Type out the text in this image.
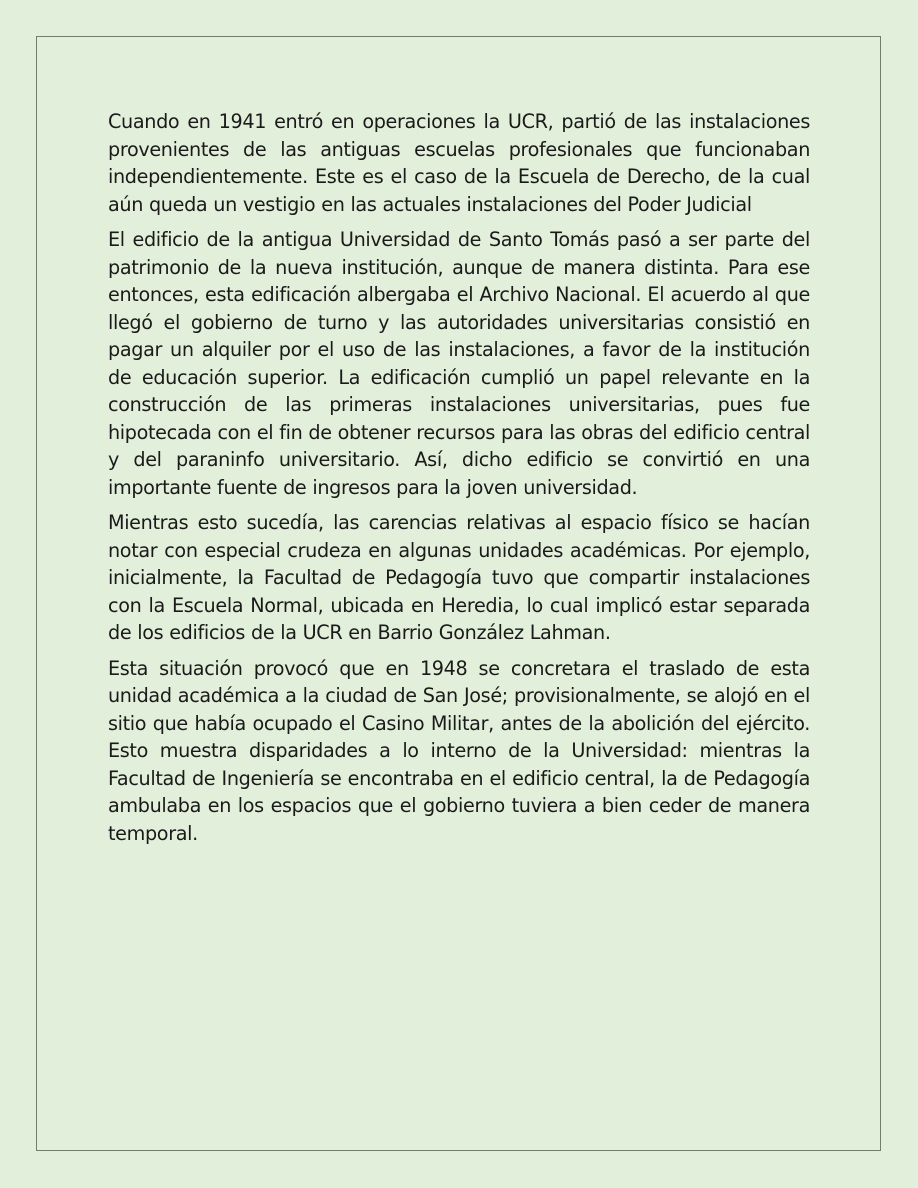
Cuando en 1941 entró en operaciones la UCR, partió de las instalaciones provenientes de las antiguas escuelas profesionales que funcionaban independientemente. Este es el caso de la Escuela de Derecho, de la cual aún queda un vestigio en las actuales instalaciones del Poder Judicial

El edificio de la antigua Universidad de Santo Tomás pasó a ser parte del patrimonio de la nueva institución, aunque de manera distinta. Para ese entonces, esta edificación albergaba el Archivo Nacional. El acuerdo al que llegó el gobierno de turno y las autoridades universitarias consistió en pagar un alquiler por el uso de las instalaciones, a favor de la institución de educación superior. La edificación cumplió un papel relevante en la construcción de las primeras instalaciones universitarias, pues fue hipotecada con el fin de obtener recursos para las obras del edificio central y del paraninfo universitario. Así, dicho edificio se convirtió en una importante fuente de ingresos para la joven universidad.

Mientras esto sucedía, las carencias relativas al espacio físico se hacían notar con especial crudeza en algunas unidades académicas. Por ejemplo, inicialmente, la Facultad de Pedagogía tuvo que compartir instalaciones con la Escuela Normal, ubicada en Heredia, lo cual implicó estar separada de los edificios de la UCR en Barrio González Lahman.

Esta situación provocó que en 1948 se concretara el traslado de esta unidad académica a la ciudad de San José; provisionalmente, se alojó en el sitio que había ocupado el Casino Militar, antes de la abolición del ejército. Esto muestra disparidades a lo interno de la Universidad: mientras la Facultad de Ingeniería se encontraba en el edificio central, la de Pedagogía ambulaba en los espacios que el gobierno tuviera a bien ceder de manera temporal.
